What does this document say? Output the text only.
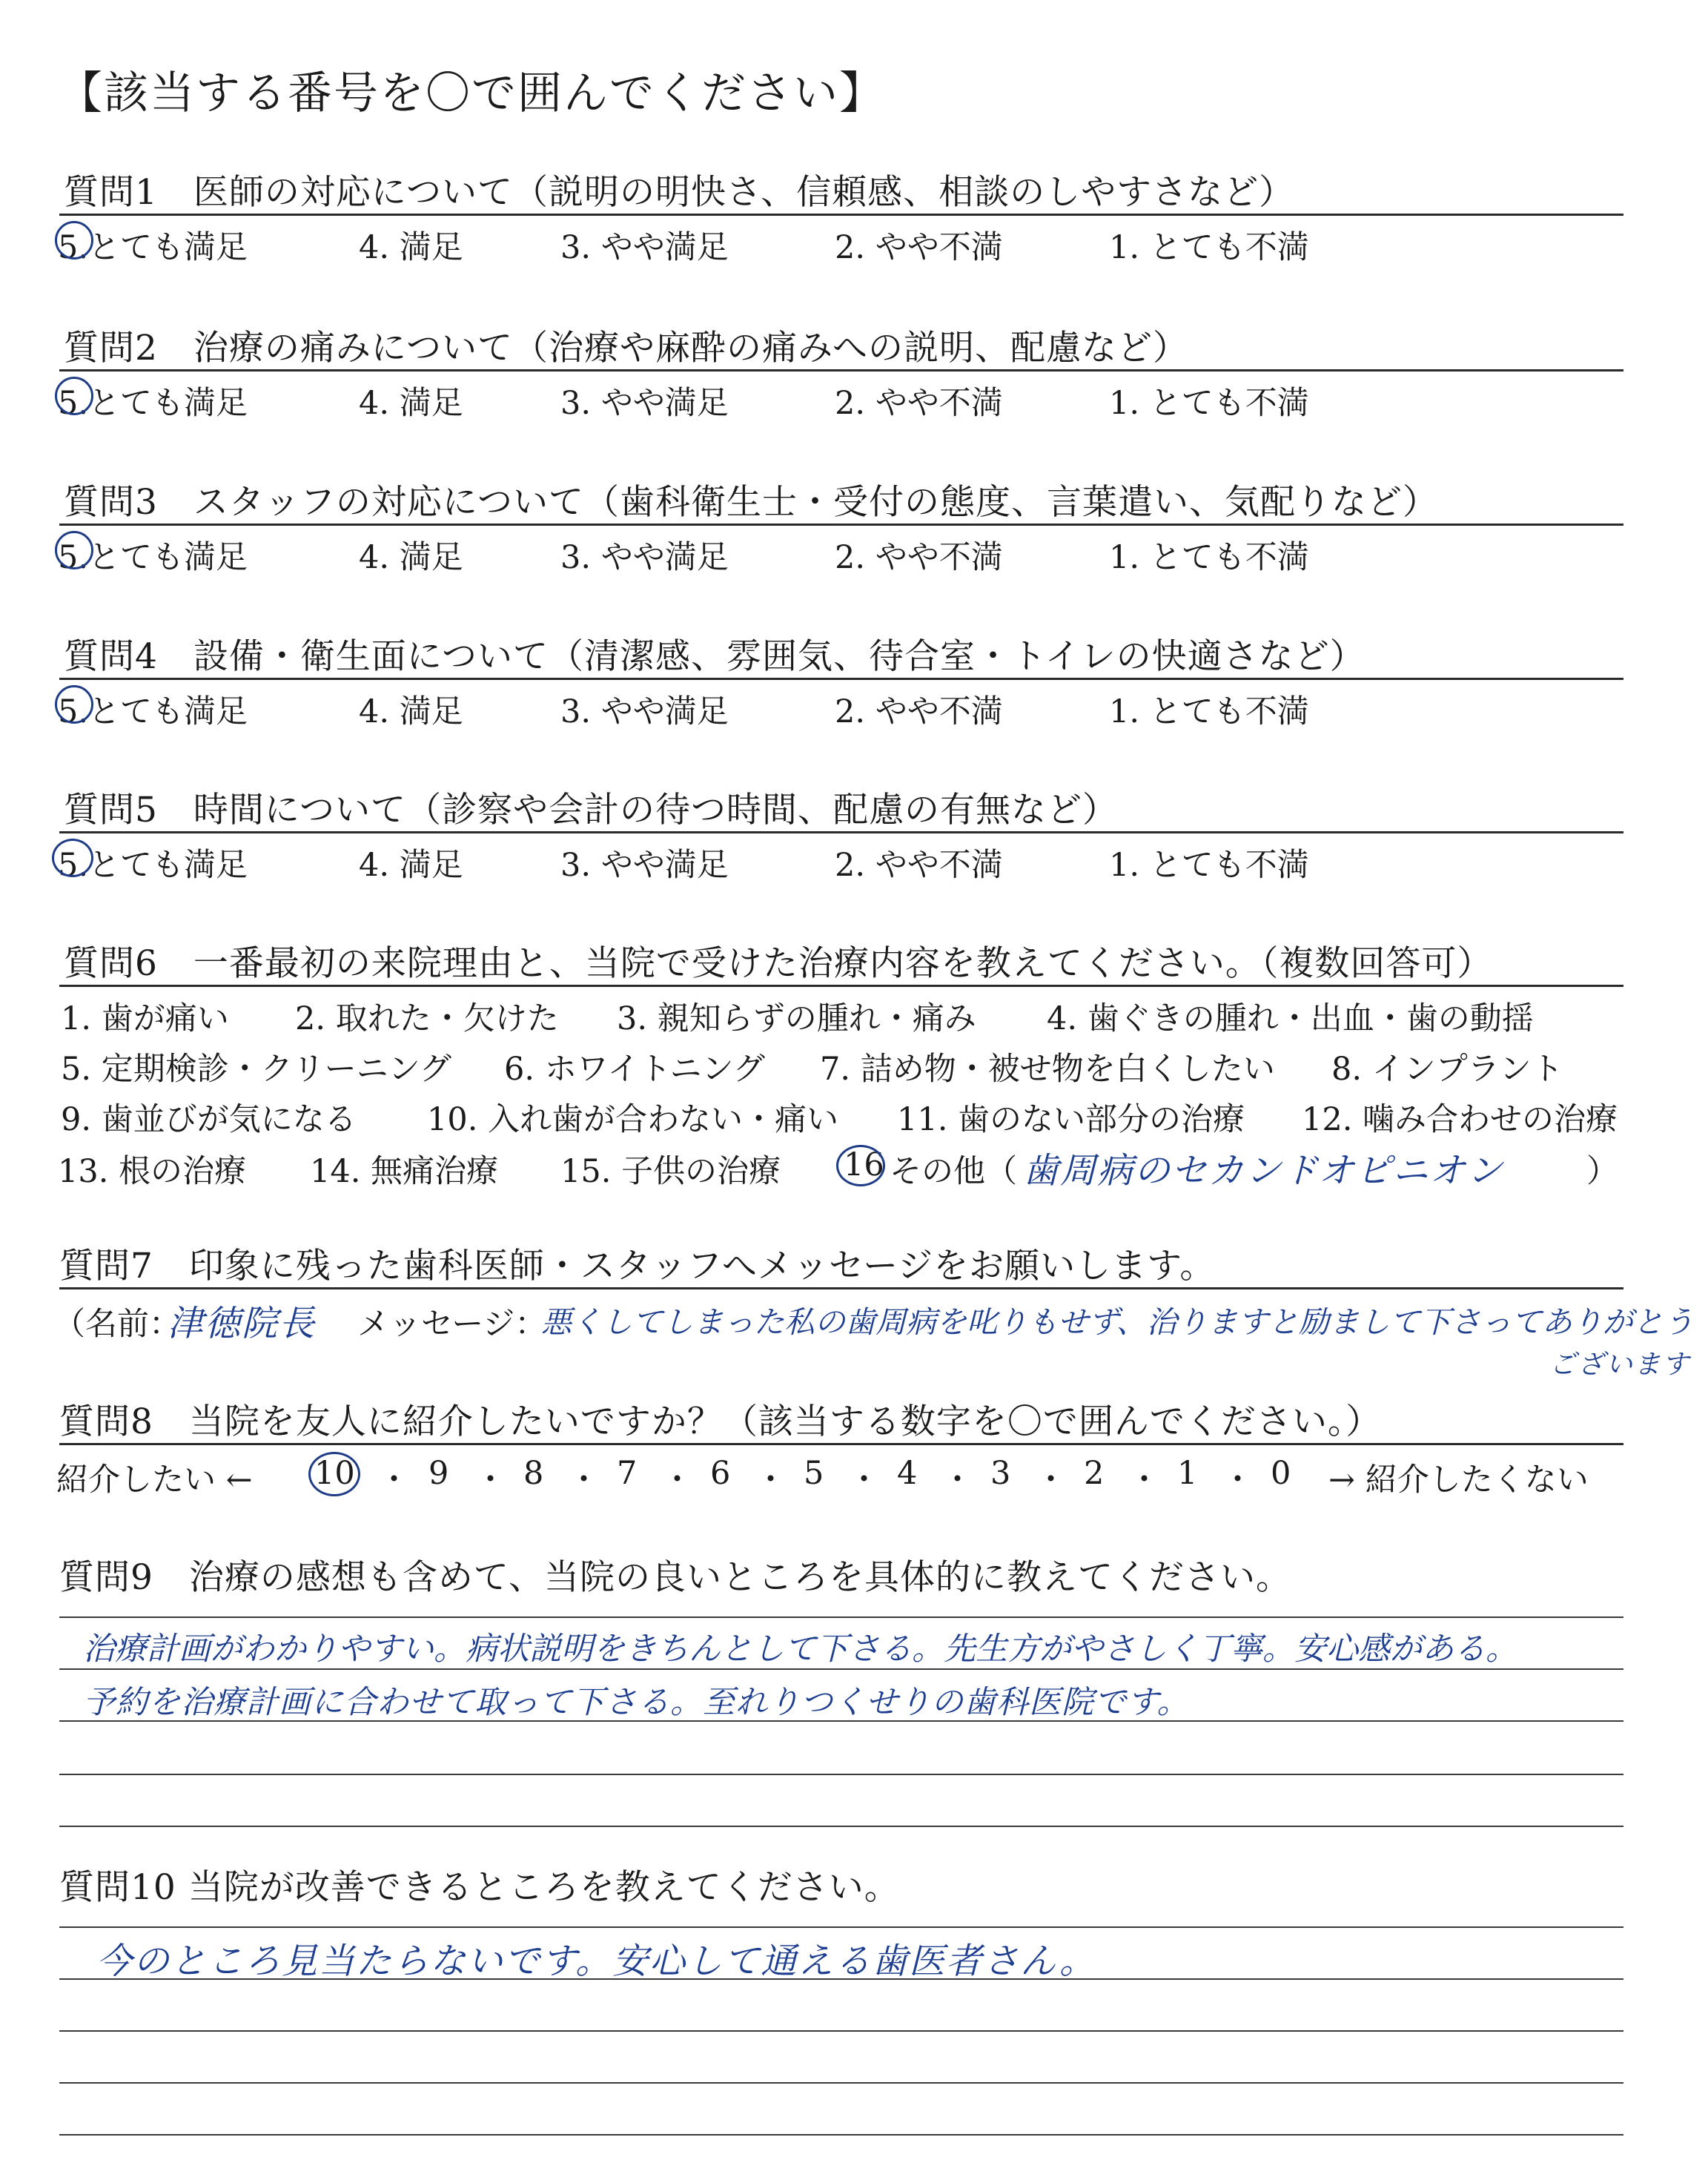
【該当する番号を〇で囲んでください】
質問1　医師の対応について（説明の明快さ、信頼感、相談のしやすさなど）
5.とても満足	4. 満足	3. やや満足	2. やや不満	1. とても不満
質問2　治療の痛みについて（治療や麻酔の痛みへの説明、配慮など）
5.とても満足	4. 満足	3. やや満足	2. やや不満	1. とても不満
質問3　スタッフの対応について（歯科衛生士・受付の態度、言葉遣い、気配りなど）
5.とても満足	4. 満足	3. やや満足	2. やや不満	1. とても不満
質問4　設備・衛生面について（清潔感、雰囲気、待合室・トイレの快適さなど）
5.とても満足	4. 満足	3. やや満足	2. やや不満	1. とても不満
質問5　時間について（診察や会計の待つ時間、配慮の有無など）
5.とても満足	4. 満足	3. やや満足	2. やや不満	1. とても不満
質問6　一番最初の来院理由と、当院で受けた治療内容を教えてください。（複数回答可）
1. 歯が痛い 2. 取れた・欠けた 3. 親知らずの腫れ・痛み 4. 歯ぐきの腫れ・出血・歯の動揺
5. 定期検診・クリーニング 6. ホワイトニング 7. 詰め物・被せ物を白くしたい 8. インプラント
9. 歯並びが気になる 10. 入れ歯が合わない・痛い 11. 歯のない部分の治療 12. 噛み合わせの治療
13. 根の治療 14. 無痛治療 15. 子供の治療 16 その他（ 歯周病のセカンドオピニオン	）
質問7　印象に残った歯科医師・スタッフへメッセージをお願いします。
（名前：
津徳院長 メッセージ：
悪くしてしまった私の歯周病を叱りもせず、治りますと励まして下さってありがとう
ございます
質問8　当院を友人に紹介したいですか？（該当する数字を〇で囲んでください。）
紹介したい ← 10 ・ 9 ・ 8 ・ 7 ・ 6 ・ 5 ・ 4 ・ 3 ・ 2 ・ 1 ・ 0 → 紹介したくない
質問9　治療の感想も含めて、当院の良いところを具体的に教えてください。
治療計画がわかりやすい。病状説明をきちんとして下さる。先生方がやさしく丁寧。安心感がある。
予約を治療計画に合わせて取って下さる。至れりつくせりの歯科医院です。
質問10 当院が改善できるところを教えてください。
今のところ見当たらないです。安心して通える歯医者さん。
